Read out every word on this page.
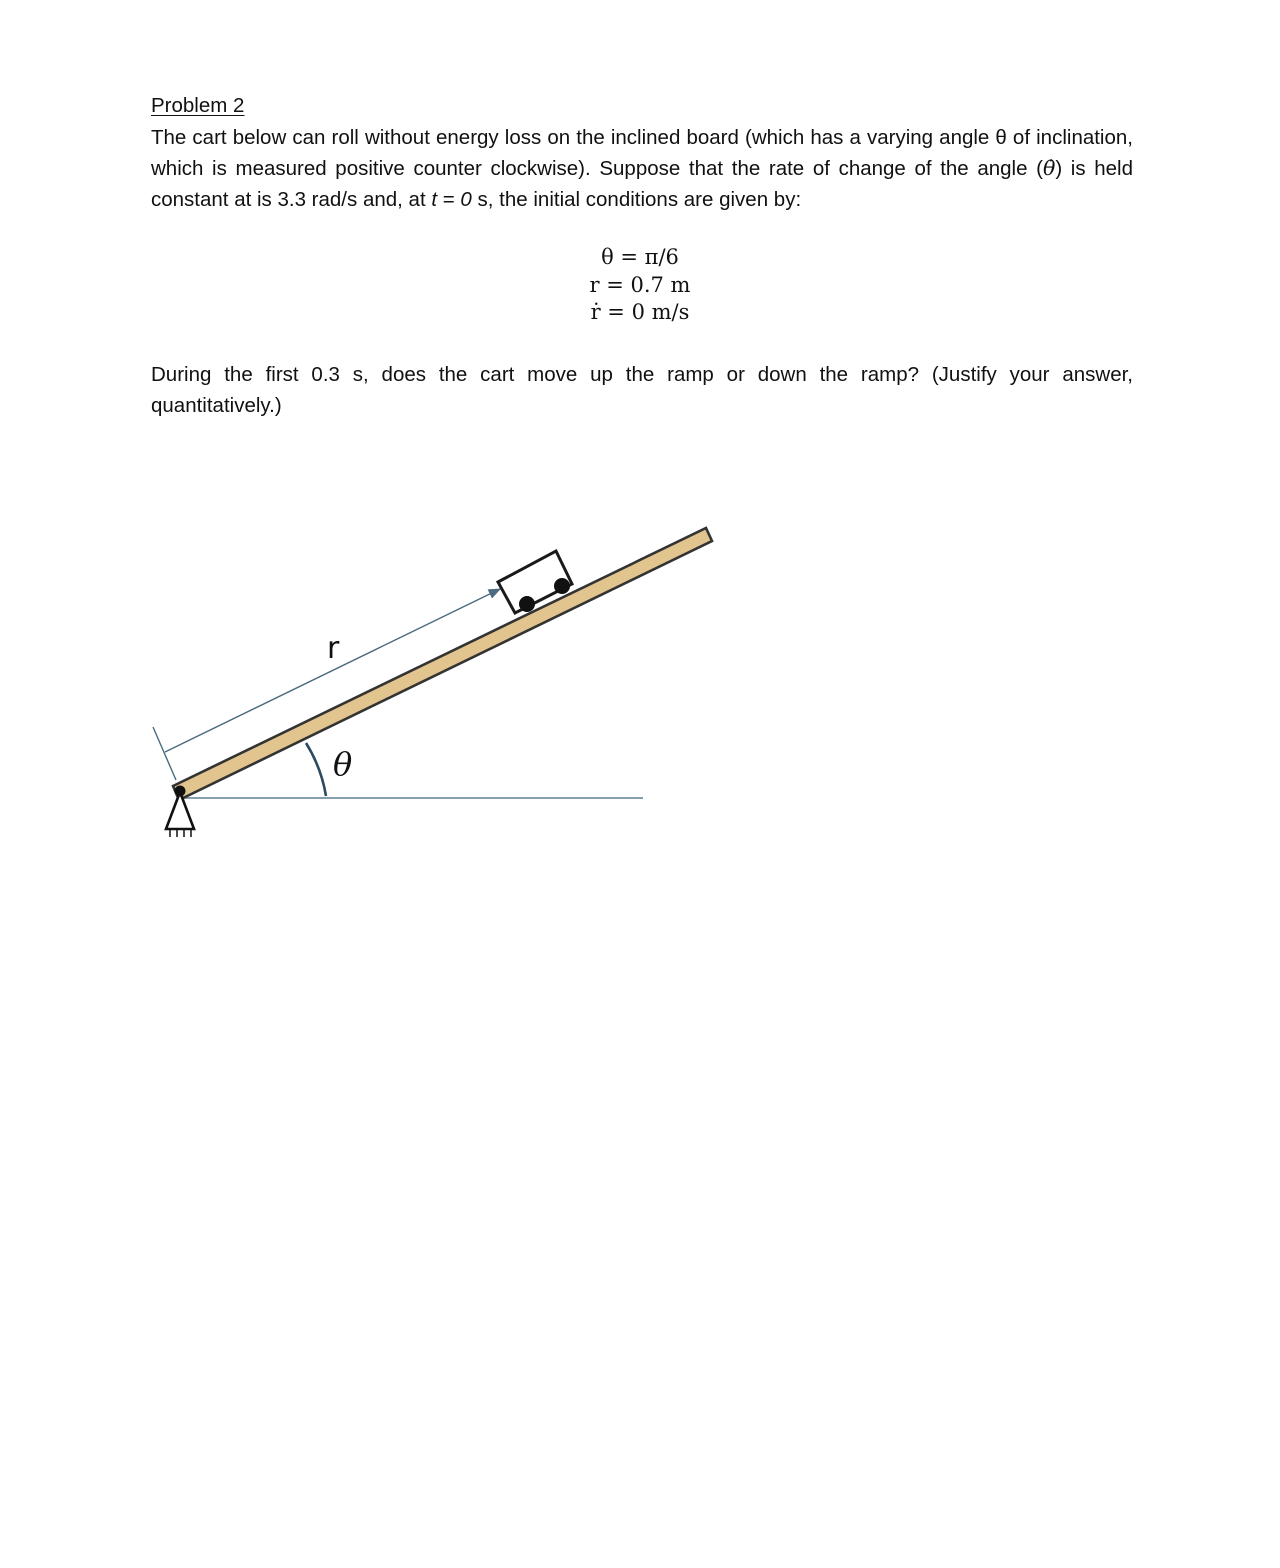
Problem 2
The cart below can roll without energy loss on the inclined board (which has a varying angle θ of inclination, which is measured positive counter clockwise). Suppose that the rate of change of the angle (θ̇) is held constant at is 3.3 rad/s and, at t = 0 s, the initial conditions are given by:
θ = π/6
r = 0.7 m
ṙ = 0 m/s
During the first 0.3 s, does the cart move up the ramp or down the ramp? (Justify your answer, quantitatively.)
r
θ
